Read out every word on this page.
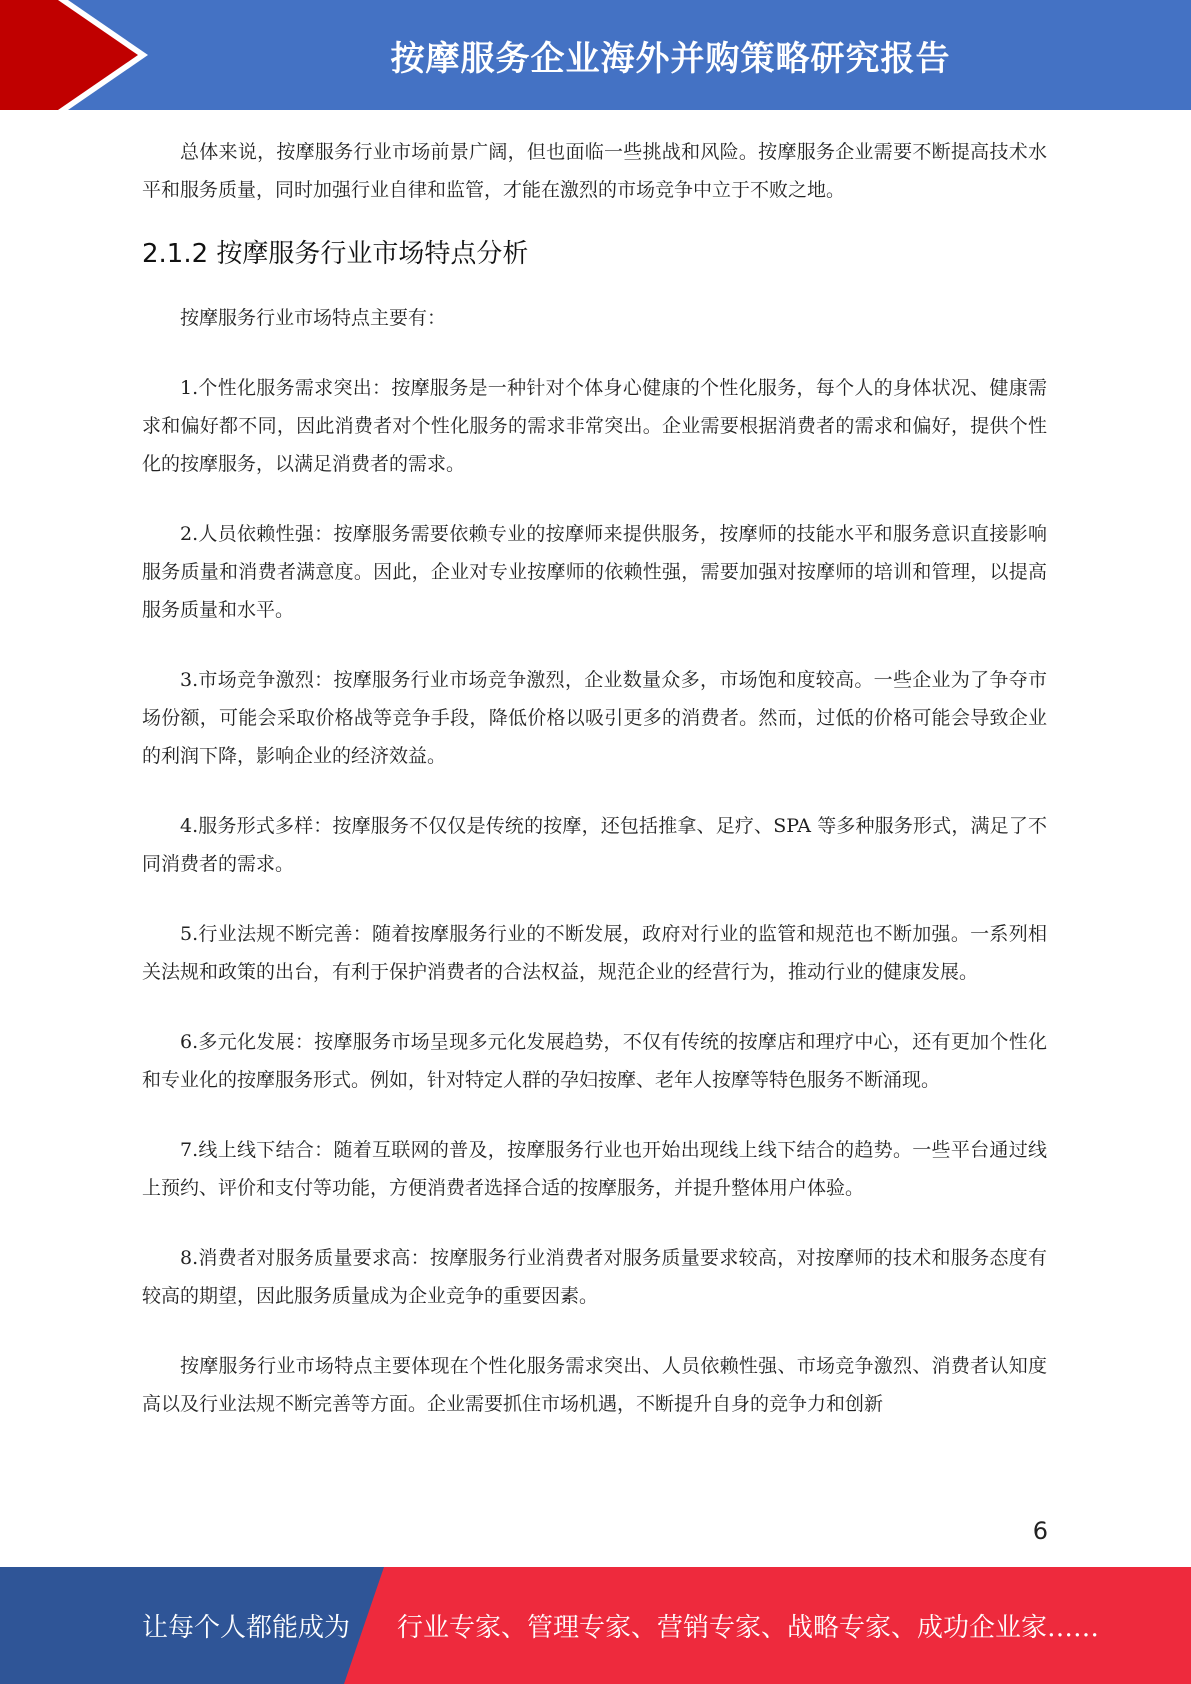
按摩服务企业海外并购策略研究报告

总体来说，按摩服务行业市场前景广阔，但也面临一些挑战和风险。按摩服务企业需要不断提高技术水平和服务质量，同时加强行业自律和监管，才能在激烈的市场竞争中立于不败之地。

2.1.2 按摩服务行业市场特点分析

按摩服务行业市场特点主要有：

1.个性化服务需求突出：按摩服务是一种针对个体身心健康的个性化服务，每个人的身体状况、健康需求和偏好都不同，因此消费者对个性化服务的需求非常突出。企业需要根据消费者的需求和偏好，提供个性化的按摩服务，以满足消费者的需求。

2.人员依赖性强：按摩服务需要依赖专业的按摩师来提供服务，按摩师的技能水平和服务意识直接影响服务质量和消费者满意度。因此，企业对专业按摩师的依赖性强，需要加强对按摩师的培训和管理，以提高服务质量和水平。

3.市场竞争激烈：按摩服务行业市场竞争激烈，企业数量众多，市场饱和度较高。一些企业为了争夺市场份额，可能会采取价格战等竞争手段，降低价格以吸引更多的消费者。然而，过低的价格可能会导致企业的利润下降，影响企业的经济效益。

4.服务形式多样：按摩服务不仅仅是传统的按摩，还包括推拿、足疗、SPA 等多种服务形式，满足了不同消费者的需求。

5.行业法规不断完善：随着按摩服务行业的不断发展，政府对行业的监管和规范也不断加强。一系列相关法规和政策的出台，有利于保护消费者的合法权益，规范企业的经营行为，推动行业的健康发展。

6.多元化发展：按摩服务市场呈现多元化发展趋势，不仅有传统的按摩店和理疗中心，还有更加个性化和专业化的按摩服务形式。例如，针对特定人群的孕妇按摩、老年人按摩等特色服务不断涌现。

7.线上线下结合：随着互联网的普及，按摩服务行业也开始出现线上线下结合的趋势。一些平台通过线上预约、评价和支付等功能，方便消费者选择合适的按摩服务，并提升整体用户体验。

8.消费者对服务质量要求高：按摩服务行业消费者对服务质量要求较高，对按摩师的技术和服务态度有较高的期望，因此服务质量成为企业竞争的重要因素。

按摩服务行业市场特点主要体现在个性化服务需求突出、人员依赖性强、市场竞争激烈、消费者认知度高以及行业法规不断完善等方面。企业需要抓住市场机遇，不断提升自身的竞争力和创新

6
让每个人都能成为 行业专家、管理专家、营销专家、战略专家、成功企业家……
